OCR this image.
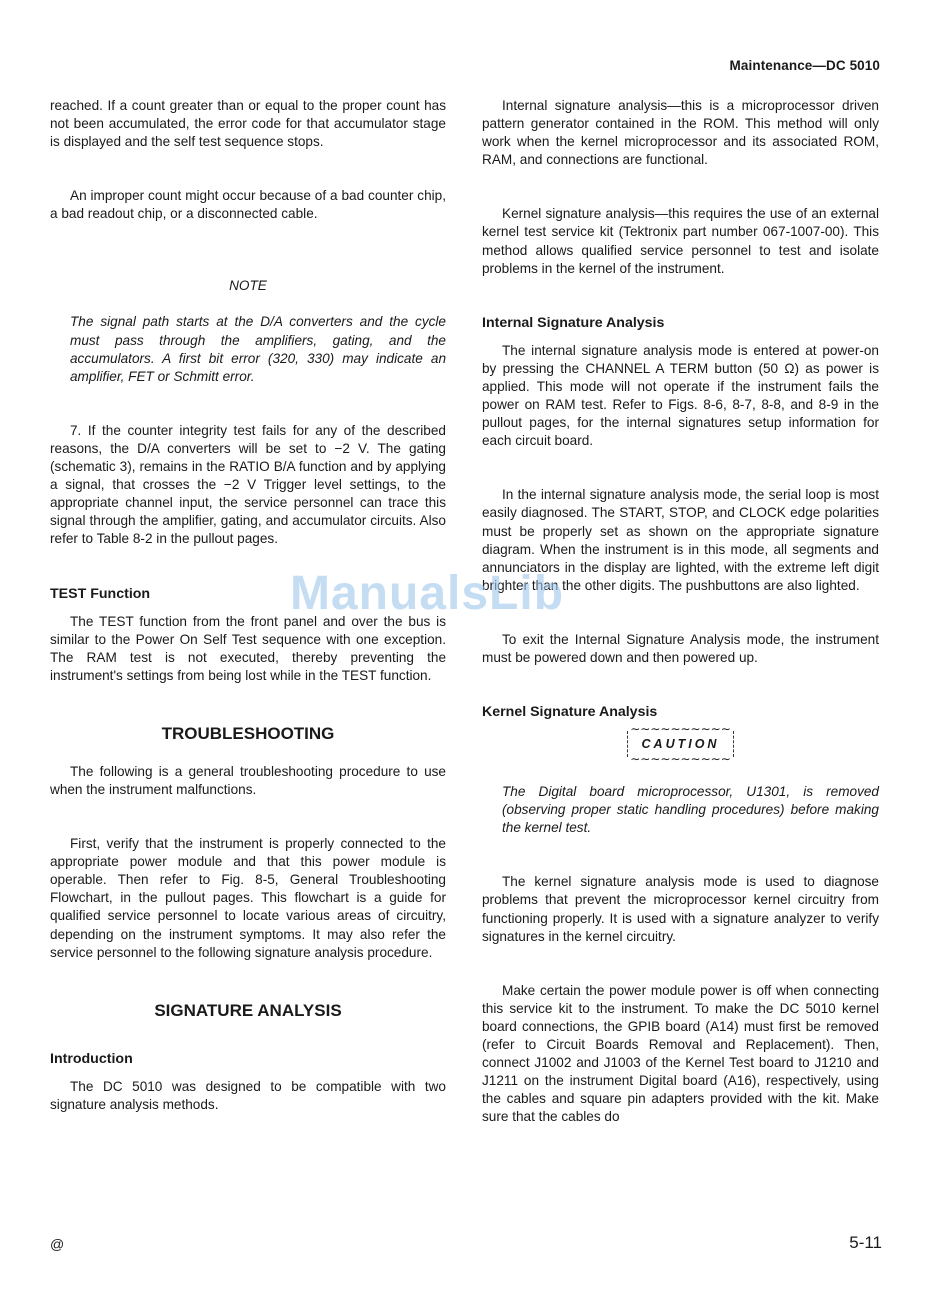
Maintenance—DC 5010

reached. If a count greater than or equal to the proper count has not been accumulated, the error code for that accumulator stage is displayed and the self test sequence stops.

An improper count might occur because of a bad counter chip, a bad readout chip, or a disconnected cable.

NOTE

The signal path starts at the D/A converters and the cycle must pass through the amplifiers, gating, and the accumulators. A first bit error (320, 330) may indicate an amplifier, FET or Schmitt error.

7. If the counter integrity test fails for any of the described reasons, the D/A converters will be set to −2 V. The gating (schematic 3), remains in the RATIO B/A function and by applying a signal, that crosses the −2 V Trigger level settings, to the appropriate channel input, the service personnel can trace this signal through the amplifier, gating, and accumulator circuits. Also refer to Table 8-2 in the pullout pages.

TEST Function

The TEST function from the front panel and over the bus is similar to the Power On Self Test sequence with one exception. The RAM test is not executed, thereby preventing the instrument's settings from being lost while in the TEST function.

TROUBLESHOOTING

The following is a general troubleshooting procedure to use when the instrument malfunctions.

First, verify that the instrument is properly connected to the appropriate power module and that this power module is operable. Then refer to Fig. 8-5, General Troubleshooting Flowchart, in the pullout pages. This flowchart is a guide for qualified service personnel to locate various areas of circuitry, depending on the instrument symptoms. It may also refer the service personnel to the following signature analysis procedure.

SIGNATURE ANALYSIS
Introduction

The DC 5010 was designed to be compatible with two signature analysis methods.

Internal signature analysis—this is a microprocessor driven pattern generator contained in the ROM. This method will only work when the kernel microprocessor and its associated ROM, RAM, and connections are functional.

Kernel signature analysis—this requires the use of an external kernel test service kit (Tektronix part number 067-1007-00). This method allows qualified service personnel to test and isolate problems in the kernel of the instrument.

Internal Signature Analysis

The internal signature analysis mode is entered at power-on by pressing the CHANNEL A TERM button (50 Ω) as power is applied. This mode will not operate if the instrument fails the power on RAM test. Refer to Figs. 8-6, 8-7, 8-8, and 8-9 in the pullout pages, for the internal signatures setup information for each circuit board.

In the internal signature analysis mode, the serial loop is most easily diagnosed. The START, STOP, and CLOCK edge polarities must be properly set as shown on the appropriate signature diagram. When the instrument is in this mode, all segments and annunciators in the display are lighted, with the extreme left digit brighter than the other digits. The pushbuttons are also lighted.

To exit the Internal Signature Analysis mode, the instrument must be powered down and then powered up.

Kernel Signature Analysis
∼∼∼∼∼∼∼∼∼∼ CAUTION ∼∼∼∼∼∼∼∼∼∼

The Digital board microprocessor, U1301, is removed (observing proper static handling procedures) before making the kernel test.

The kernel signature analysis mode is used to diagnose problems that prevent the microprocessor kernel circuitry from functioning properly. It is used with a signature analyzer to verify signatures in the kernel circuitry.

Make certain the power module power is off when connecting this service kit to the instrument. To make the DC 5010 kernel board connections, the GPIB board (A14) must first be removed (refer to Circuit Boards Removal and Replacement). Then, connect J1002 and J1003 of the Kernel Test board to J1210 and J1211 on the instrument Digital board (A16), respectively, using the cables and square pin adapters provided with the kit. Make sure that the cables do

ManualsLib
@	5-11
